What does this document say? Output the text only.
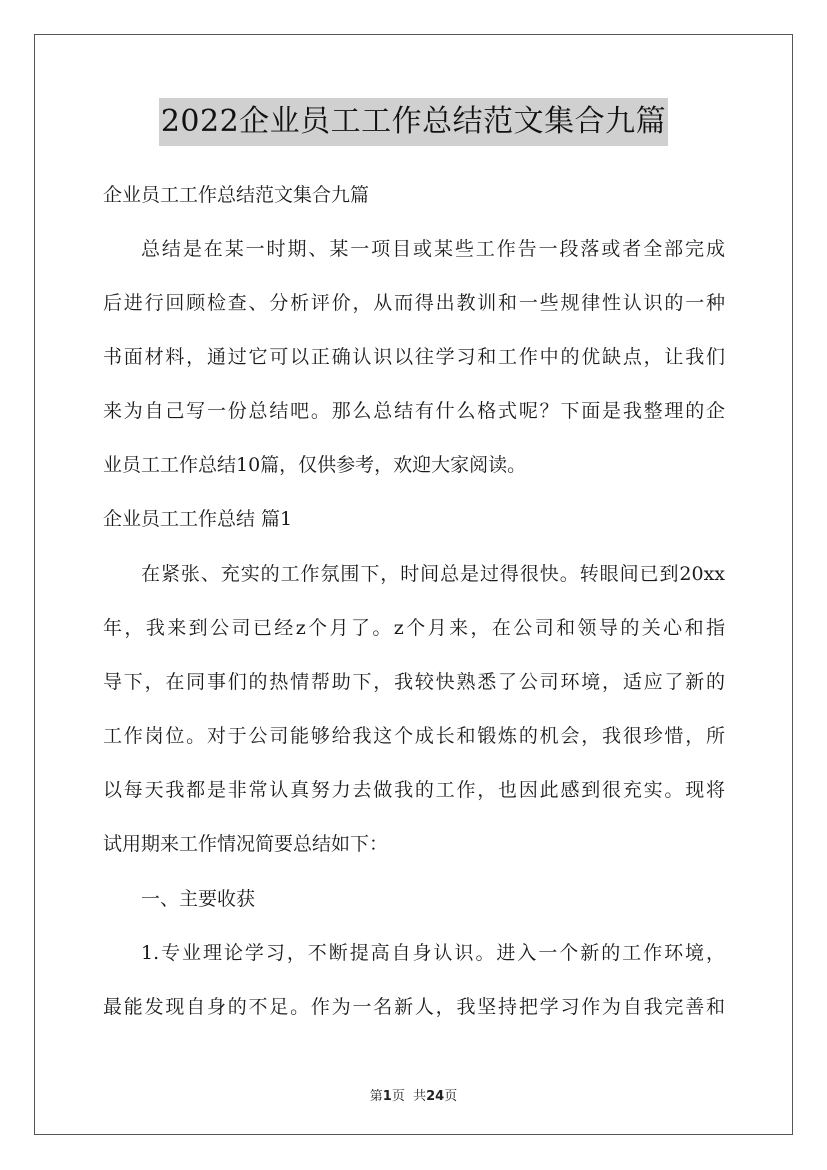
2022企业员工工作总结范文集合九篇
企业员工工作总结范文集合九篇
总结是在某一时期、某一项目或某些工作告一段落或者全部完成
后进行回顾检查、分析评价，从而得出教训和一些规律性认识的一种
书面材料，通过它可以正确认识以往学习和工作中的优缺点，让我们
来为自己写一份总结吧。那么总结有什么格式呢？下面是我整理的企
业员工工作总结10篇，仅供参考，欢迎大家阅读。
企业员工工作总结 篇1
在紧张、充实的工作氛围下，时间总是过得很快。转眼间已到20xx
年，我来到公司已经z个月了。z个月来，在公司和领导的关心和指
导下，在同事们的热情帮助下，我较快熟悉了公司环境，适应了新的
工作岗位。对于公司能够给我这个成长和锻炼的机会，我很珍惜，所
以每天我都是非常认真努力去做我的工作，也因此感到很充实。现将
试用期来工作情况简要总结如下：
一、主要收获
1.专业理论学习，不断提高自身认识。进入一个新的工作环境，
最能发现自身的不足。作为一名新人，我坚持把学习作为自我完善和
第1页  共24页
